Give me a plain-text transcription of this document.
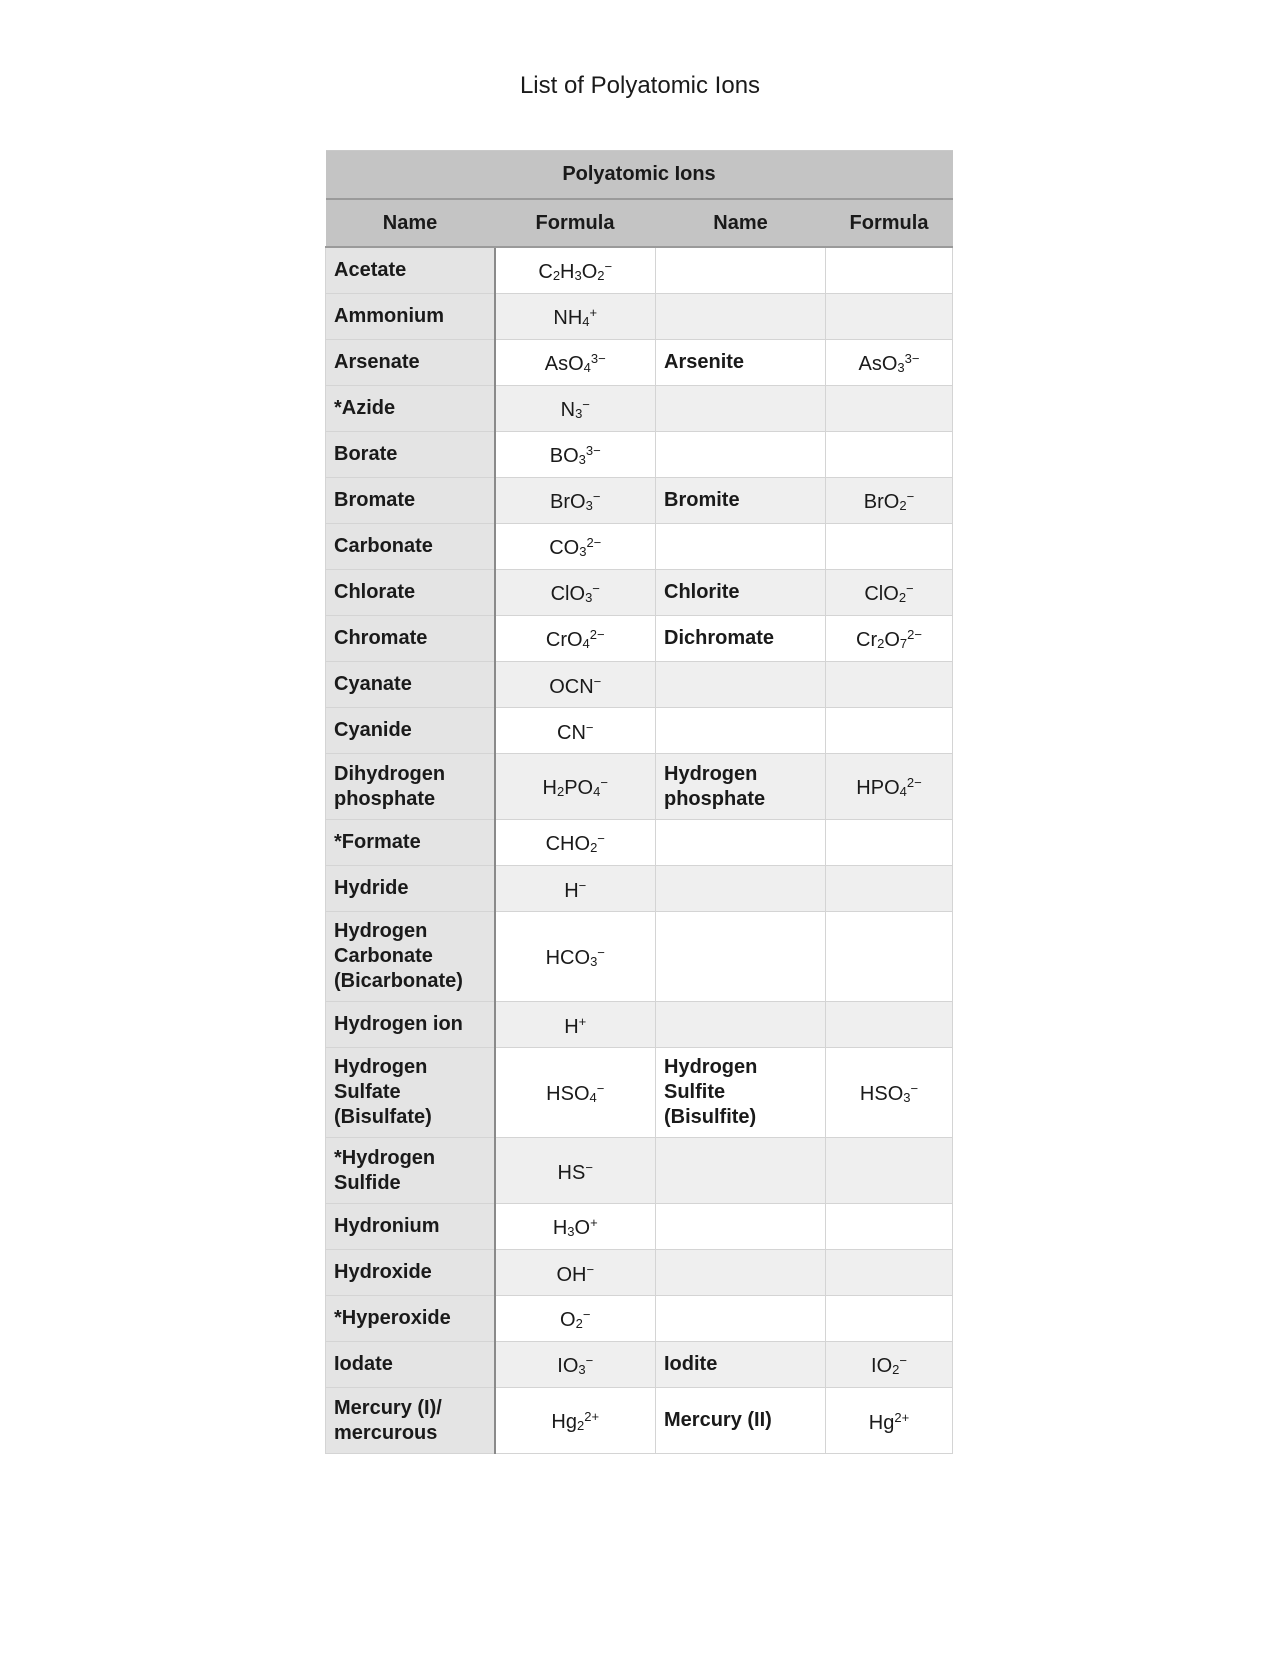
List of Polyatomic Ions
Polyatomic Ions			
Name	Formula	Name	Formula
Acetate	$C_2H_3O_2^-$		
Ammonium	$NH_4^+$		
Arsenate	AsO$_4^{3-}$	Arsenite	AsO$_3^{3-}$
*Azide	$N_3^-$		
Borate	$BO_3^{3-}$		
Bromate	BrO$_3$−	Bromite	BrO$_2$−
Carbonate	$CO_3^{2-}$		
Chlorate	ClO$_3$−	Chlorite	ClO$_2$−
Chromate	CrO$_4^{2-}$	Dichromate	$Cr_2O_7^{2-}$
Cyanate	OCN−		
Cyanide	CN−		
Dihydrogen phosphate	$H_2PO_4^-$	Hydrogen phosphate	$HPO_4^{2-}$
*Formate	$CHO_2^-$		
Hydride	H−		
Hydrogen Carbonate (Bicarbonate)	$HCO_3^-$		
Hydrogen ion	H+		
Hydrogen Sulfate (Bisulfate)	$HSO_4^-$	Hydrogen Sulfite (Bisulfite)	$HSO_3^-$
*Hydrogen Sulfide	HS−		
Hydronium	$H_3O^+$		
Hydroxide	OH−		
*Hyperoxide	$O_2^-$		
Iodate	$IO_3^-$	Iodite	$IO_2^-$
Mercury (I)/ mercurous	$Hg_2^{2+}$	Mercury (II)	$Hg^{2+}$
